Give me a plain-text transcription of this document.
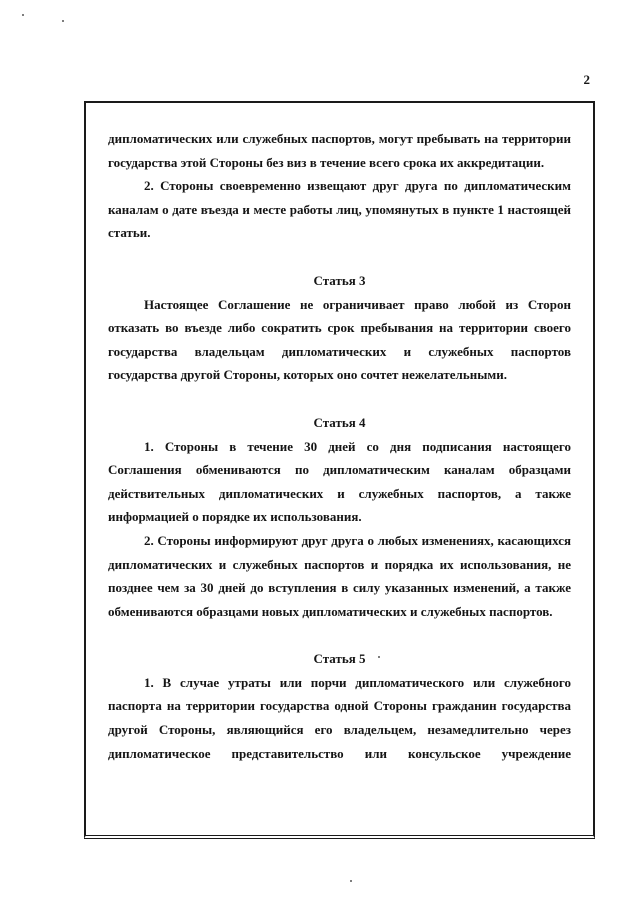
2

дипломатических или служебных паспортов, могут пребывать на территории государства этой Стороны без виз в течение всего срока их аккредитации.

2. Стороны своевременно извещают друг друга по дипломатическим каналам о дате въезда и месте работы лиц, упомянутых в пункте 1 настоящей статьи.

Статья 3

Настоящее Соглашение не ограничивает право любой из Сторон отказать во въезде либо сократить срок пребывания на территории своего государства владельцам дипломатических и служебных паспортов государства другой Стороны, которых оно сочтет нежелательными.

Статья 4

1. Стороны в течение 30 дней со дня подписания настоящего Соглашения обмениваются по дипломатическим каналам образцами действительных дипломатических и служебных паспортов, а также информацией о порядке их использования.

2. Стороны информируют друг друга о любых изменениях, касающихся дипломатических и служебных паспортов и порядка их использования, не позднее чем за 30 дней до вступления в силу указанных изменений, а также обмениваются образцами новых дипломатических и служебных паспортов.

Статья 5

1. В случае утраты или порчи дипломатического или служебного паспорта на территории государства одной Стороны гражданин государства другой Стороны, являющийся его владельцем, незамедлительно через дипломатическое представительство или консульское учреждение
